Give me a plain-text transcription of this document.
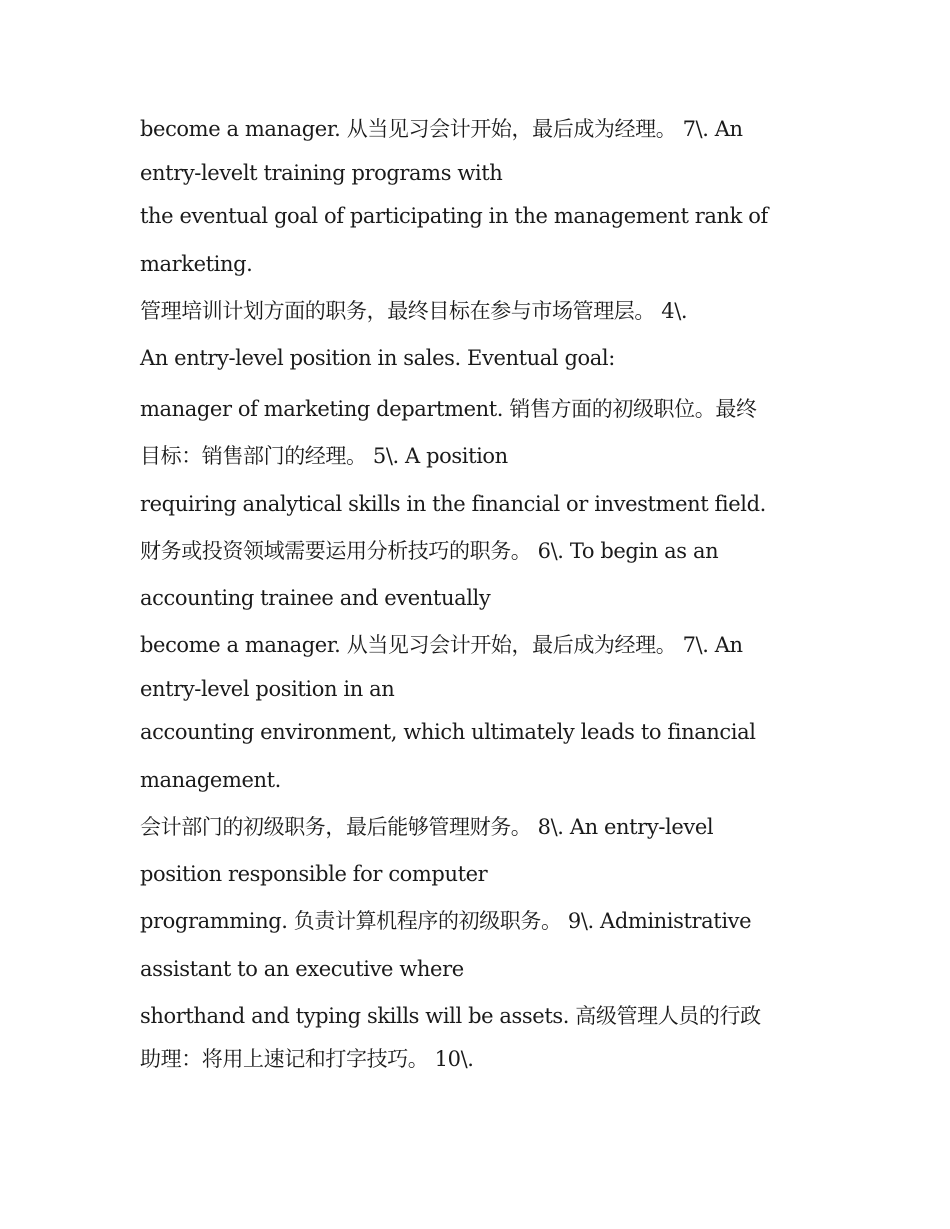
become a manager. 从当见习会计开始，最后成为经理。 7\. An
entry-levelt training programs with
the eventual goal of participating in the management rank of
marketing.
管理培训计划方面的职务，最终目标在参与市场管理层。 4\.
An entry-level position in sales. Eventual goal:
manager of marketing department. 销售方面的初级职位。最终
目标：销售部门的经理。 5\. A position
requiring analytical skills in the financial or investment field.
财务或投资领域需要运用分析技巧的职务。 6\. To begin as an
accounting trainee and eventually
become a manager. 从当见习会计开始，最后成为经理。 7\. An
entry-level position in an
accounting environment, which ultimately leads to financial
management.
会计部门的初级职务，最后能够管理财务。 8\. An entry-level
position responsible for computer
programming. 负责计算机程序的初级职务。 9\. Administrative
assistant to an executive where
shorthand and typing skills will be assets. 高级管理人员的行政
助理：将用上速记和打字技巧。 10\.
